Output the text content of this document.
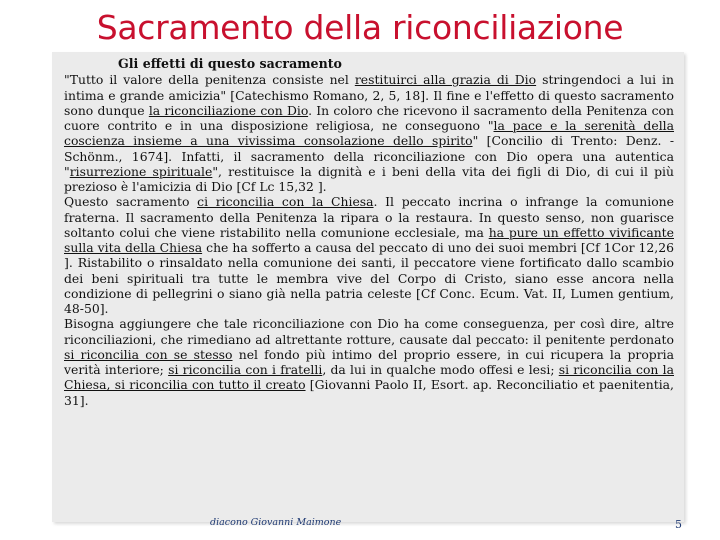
Sacramento della riconciliazione
Gli effetti di questo sacramento

"Tutto il valore della penitenza consiste nel restituirci alla grazia di Dio stringendoci a lui in intima e grande amicizia" [Catechismo Romano, 2, 5, 18]. Il fine e l'effetto di questo sacramento sono dunque la riconciliazione con Dio. In coloro che ricevono il sacramento della Penitenza con cuore contrito e in una disposizione religiosa, ne conseguono "la pace e la serenità della coscienza insieme a una vivissima consolazione dello spirito" [Concilio di Trento: Denz. -Schönm., 1674]. Infatti, il sacramento della riconciliazione con Dio opera una autentica "risurrezione spirituale", restituisce la dignità e i beni della vita dei figli di Dio, di cui il più prezioso è l'amicizia di Dio [Cf Lc 15,32 ].

Questo sacramento ci riconcilia con la Chiesa. Il peccato incrina o infrange la comunione fraterna. Il sacramento della Penitenza la ripara o la restaura. In questo senso, non guarisce soltanto colui che viene ristabilito nella comunione ecclesiale, ma ha pure un effetto vivificante sulla vita della Chiesa che ha sofferto a causa del peccato di uno dei suoi membri [Cf 1Cor 12,26 ]. Ristabilito o rinsaldato nella comunione dei santi, il peccatore viene fortificato dallo scambio dei beni spirituali tra tutte le membra vive del Corpo di Cristo, siano esse ancora nella condizione di pellegrini o siano già nella patria celeste [Cf Conc. Ecum. Vat. II, Lumen gentium, 48-50].

Bisogna aggiungere che tale riconciliazione con Dio ha come conseguenza, per così dire, altre riconciliazioni, che rimediano ad altrettante rotture, causate dal peccato: il penitente perdonato si riconcilia con se stesso nel fondo più intimo del proprio essere, in cui ricupera la propria verità interiore; si riconcilia con i fratelli, da lui in qualche modo offesi e lesi; si riconcilia con la Chiesa, si riconcilia con tutto il creato [Giovanni Paolo II, Esort. ap. Reconciliatio et paenitentia, 31].

diacono Giovanni Maimone	5
